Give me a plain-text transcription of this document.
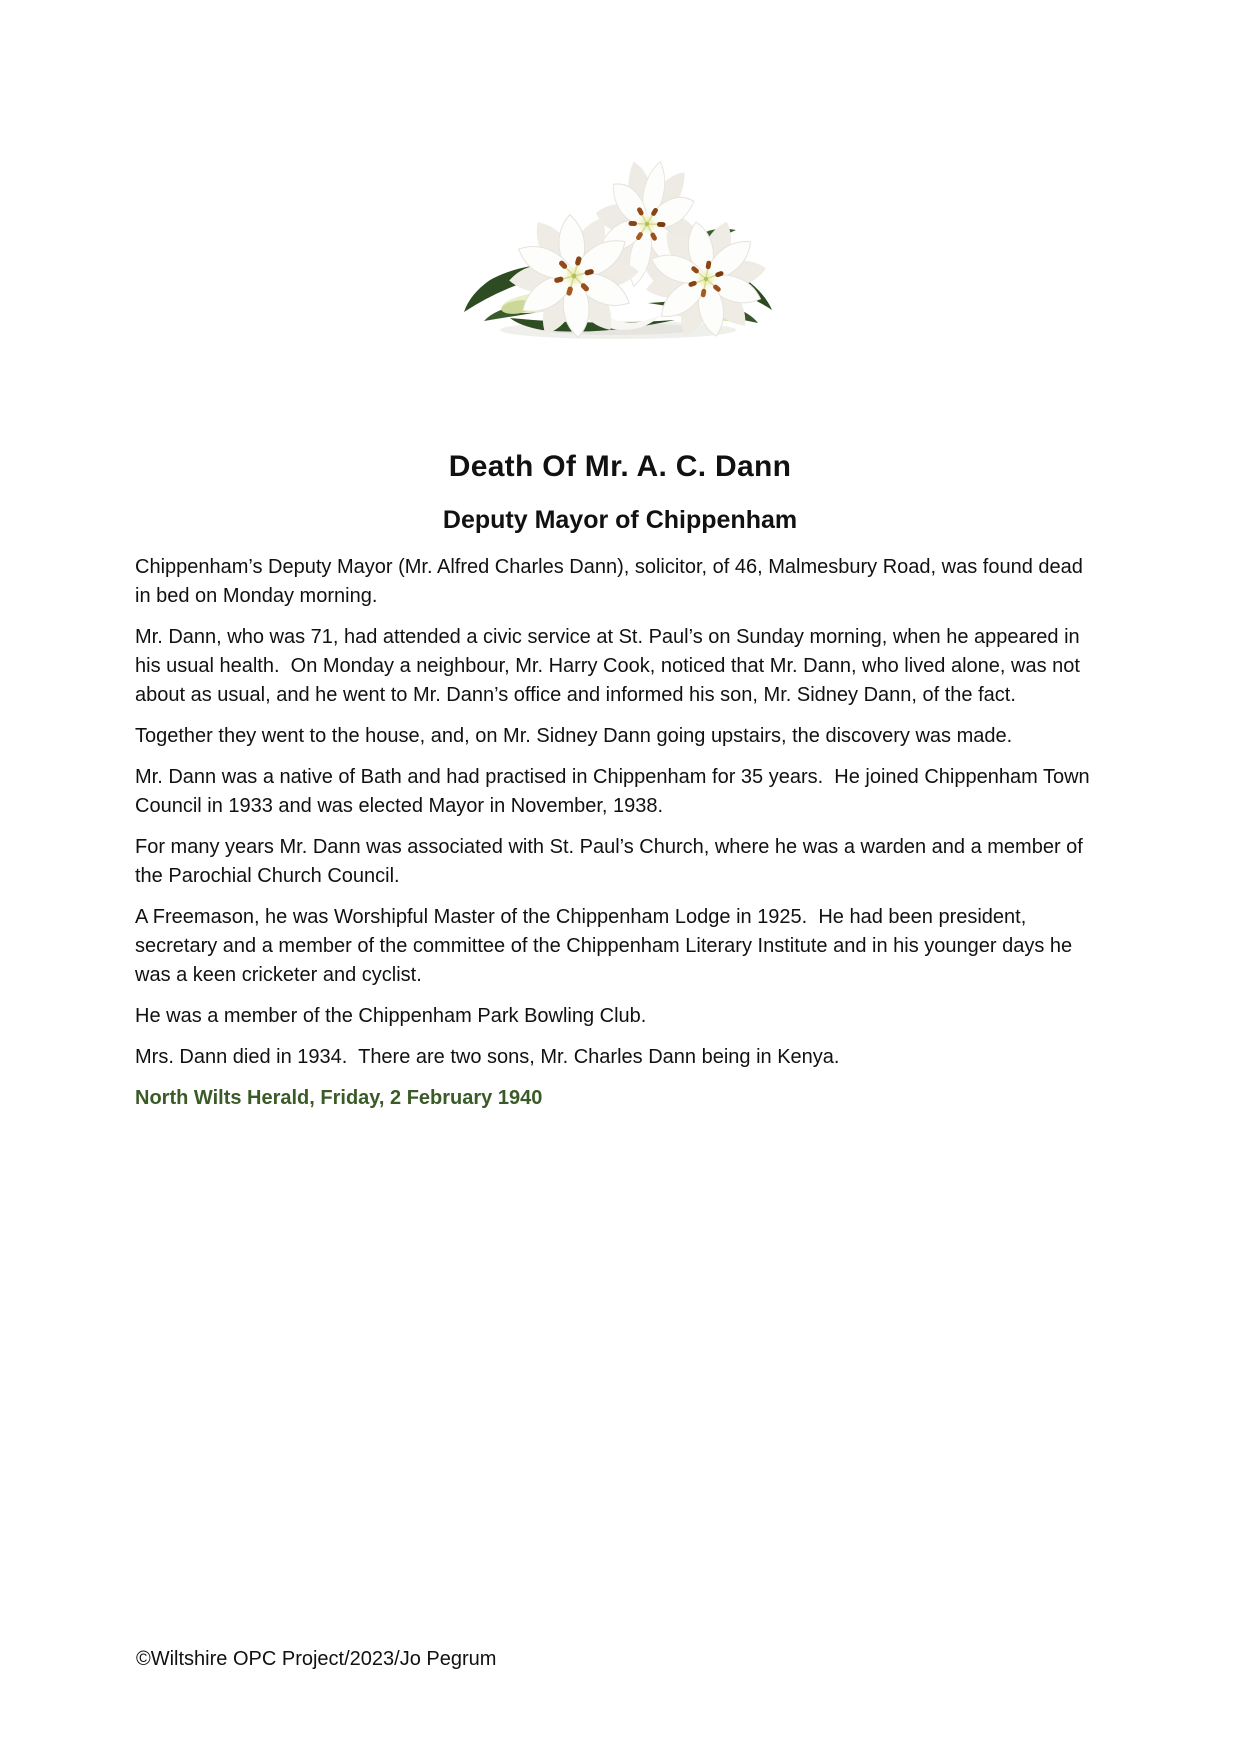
Death Of Mr. A. C. Dann
Deputy Mayor of Chippenham

Chippenham’s Deputy Mayor (Mr. Alfred Charles Dann), solicitor, of 46, Malmesbury Road, was found dead in bed on Monday morning.

Mr. Dann, who was 71, had attended a civic service at St. Paul’s on Sunday morning, when he appeared in his usual health.  On Monday a neighbour, Mr. Harry Cook, noticed that Mr. Dann, who lived alone, was not about as usual, and he went to Mr. Dann’s office and informed his son, Mr. Sidney Dann, of the fact.

Together they went to the house, and, on Mr. Sidney Dann going upstairs, the discovery was made.

Mr. Dann was a native of Bath and had practised in Chippenham for 35 years.  He joined Chippenham Town Council in 1933 and was elected Mayor in November, 1938.

For many years Mr. Dann was associated with St. Paul’s Church, where he was a warden and a member of the Parochial Church Council.

A Freemason, he was Worshipful Master of the Chippenham Lodge in 1925.  He had been president, secretary and a member of the committee of the Chippenham Literary Institute and in his younger days he was a keen cricketer and cyclist.

He was a member of the Chippenham Park Bowling Club.

Mrs. Dann died in 1934.  There are two sons, Mr. Charles Dann being in Kenya.

North Wilts Herald, Friday, 2 February 1940

©Wiltshire OPC Project/2023/Jo Pegrum
